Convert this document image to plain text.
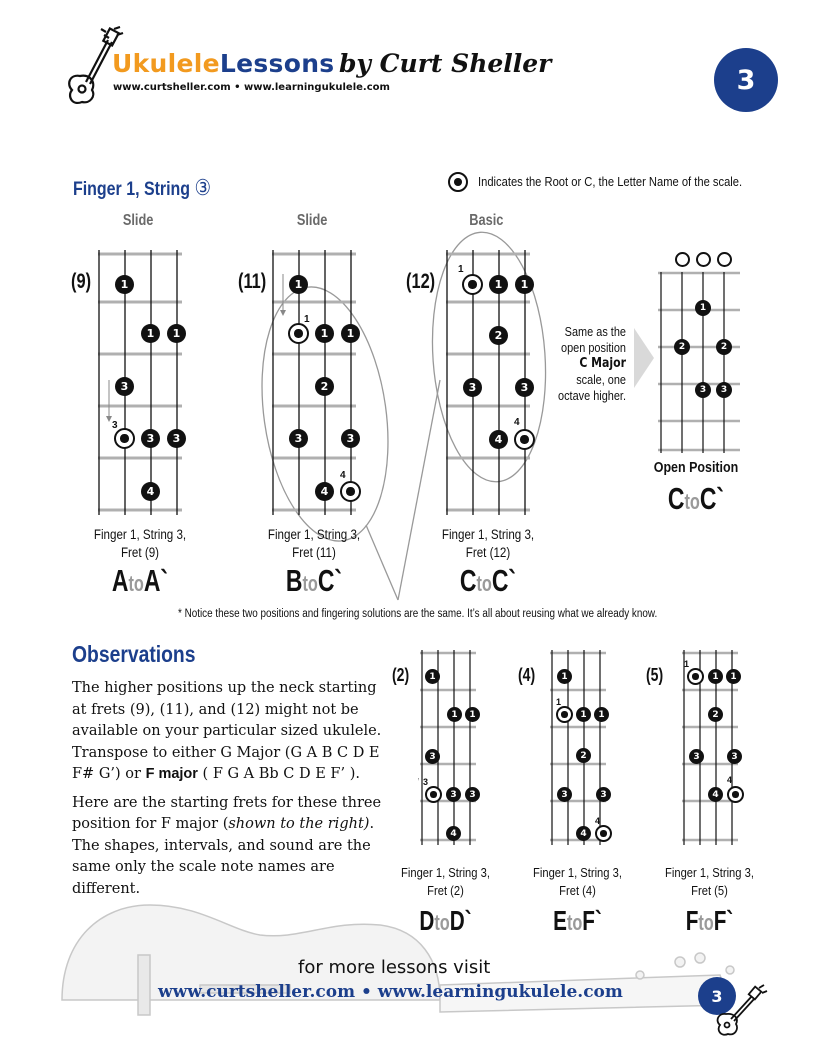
UkuleleLessons by Curt Sheller
www.curtsheller.com • www.learningukulele.com	3
Finger 1, String ③	Indicates the Root or C, the Letter Name of the scale.
Slide	Slide	Basic
(9)	1
1	1
3
3
3	3
4
(11)	1
1
1	1
2
3	3
4
4
(12)
1
1	1
2
3	3
4
4
Finger 1, String 3,
Fret (9)
AtoA`
Finger 1, String 3,
Fret (11)
BtoC`
Finger 1, String 3,
Fret (12)
CtoC`
Same as the
open position
C Major
scale, one
octave higher.
1
2	2
3	3
Open Position
CtoC`
* Notice these two positions and fingering solutions are the same. It’s all about reusing what we already know.
Observations

The higher positions up the neck starting at frets (9), (11), and (12) might not be available on your particular sized ukulele. Transpose to either G Major (G A B C D E F# G’) or F major ( F G A Bb C D E F’ ).

Here are the starting frets for these three position for F major (shown to the right). The shapes, intervals, and sound are the same only the scale note names are different.

(2)	1
1	1
3
3
3	3
4
(4)	1
1
1	1
2
3	3
4
4
(5)
1
1	1
2
3	3
4
4
Finger 1, String 3,
Fret (2)
DtoD`
Finger 1, String 3,
Fret (4)
EtoF`
Finger 1, String 3,
Fret (5)
FtoF`
for more lessons visit
www.curtsheller.com • www.learningukulele.com	3
